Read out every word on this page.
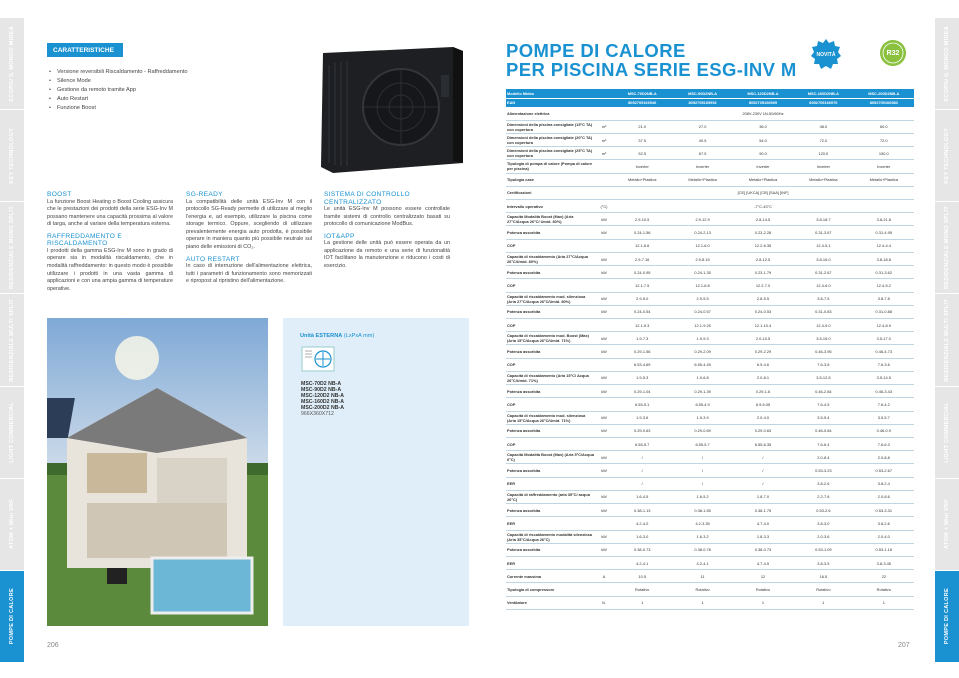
ECOPIU IL MONDO MIDEA
KEY TECHNOLOGY
RESIDENZIALE MONO SPLIT
RESIDENZIALE MULTI SPLIT
LIGHT COMMERCIAL
ATOM + Mini VRF
POMPE DI CALORE
ECOPIU IL MONDO MIDEA
KEY TECHNOLOGY
RESIDENZIALE MONO SPLIT
RESIDENZIALE MULTI SPLIT
LIGHT COMMERCIAL
ATOM + Mini VRF
POMPE DI CALORE
CARATTERISTICHE
• Versione reversibili Riscaldamento - Raffreddamento
• Silence Mode
• Gestione da remoto tramite App
• Auto Restart
• Funzione Boost
BOOST

La funzione Boost Heating o Boost Cooling assicura che le prestazioni dei prodotti della serie ESG-Inv M possano mantenere una capacità prossima al valore di targa, anche al variare della temperatura esterna.

RAFFREDDAMENTO E RISCALDAMENTO

I prodotti della gamma ESG-Inv M sono in grado di operare sia in modalità riscaldamento, che in modalità raffreddamento: in questo modo è possibile utilizzare i prodotti in una vasta gamma di applicazioni e con una ampia gamma di temperature operative.

SG-READY

La compatibilità delle unità ESG-Inv M con il protocollo SG-Ready permette di utilizzare al meglio l'energia e, ad esempio, utilizzare la piscina come storage termico. Oppure, scegliendo di utilizzare prevalentemente energia auto prodotta, è possibile operare in maniera quanto più possibile neutrale sul piano delle emissioni di CO₂.

AUTO RESTART

In caso di interruzione dell'alimentazione elettrica, tutti i parametri di funzionamento sono memorizzati e ripropost al ripristino dell'alimentazione.

SISTEMA DI CONTROLLO CENTRALIZZATO

Le unità ESG-Inv M possono essere controllate tramite sistemi di controllo centralizzato basati su protocollo di comunicazione ModBus.

IOT&APP

La gestione delle unità può essere operata da un applicazione da remoto e una serie di funzionalità IOT facilitano la manutenzione e riducono i costi di esercizio.

Unità ESTERNA (LxPxA mm)
MSC-70D2 NB-A
MSC-90D2 NB-A
MSC-120D2 NB-A
MSC-160D2 NB-A
MSC-200D2 NB-A
966X360X712
206
POMPE DI CALORE
PER PISCINA SERIE ESG-INV M
NOVITÀ	R32
Modello Midea		MSC-70D2NB-A	MSC-90D2NB-A	MSC-120D2NB-A	MSC-160D2NB-A	MSC-200D2NB-A
EAN		8052705166946	8052705169952	8052705166969	8052705166976	8052705166983
Alimentazione elettrica		208V-230V 1N-50/60Hz				
Dimensioni della piscina consigliate (15°C TA) con copertura	m³	21.0	27.0	36.0	48.0	60.0
Dimensioni della piscina consigliate (20°C TA) con copertura	m³	37.5	40.5	54.0	72.0	72.0
Dimensioni della piscina consigliate (25°C TA) con copertura	m³	52.5	67.5	90.0	120.0	150.0
Tipologia di pompa di calore (Pompa di calore per piscina)		Inverter	Inverter	Inverter	Inverter	Inverter
Tipologia case		Metallo+Plastica	Metallo+Plastica	Metallo+Plastica	Metallo+Plastica	Metallo+Plastica
Certificazioni		[CE] [UKCA] [CB] [SAA] [INF]				
Intervallo operativo	(°C)	-7°C-43°C				
Capacità Modalità Boost (Max) (Aria 27°C/Acqua 26°C/ Umid. 80%)	kW	2.9-10.5	2.9-12.9	2.8-14.5	3.8-18.7	3.8-21.8
Potenza assorbita	kW	0.24-1.56	0.24-2.13	0.23-2.28	0.31-3.67	0.31-4.95
COP		12.1-6.6	12.1-6.0	12.2-6.35	12.4-5.1	12.4-4.4
Capacità di riscaldamento (Aria 27°C/Acqua 26°C/Umid. 80%)	kW	2.9-7.16	2.9-8.15	2.8-12.5	3.8-16.0	3.8-18.8
Potenza assorbita	kW	0.24-0.95	0.24-1.35	0.23-1.79	0.31-2.67	0.31-3.62
COP		12.1-7.5	12.1-6.8	12.2-7.0	12.4-6.0	12.4-5.2
Capacità di riscaldamento mod. silenziosa (Aria 27°C/Acqua 26°C/Umid. 80%)	kW	2.9-5.0	2.9-5.5	2.8-5.5	3.8-7.5	3.8-7.8
Potenza assorbita	kW	0.24-0.54	0.24-0.57	0.24-0.53	0.31-0.83	0.31-0.88
COP		12.1-9.3	12.1-9.25	12.1-10.4	12.4-9.0	12.4-8.9
Capacità di riscaldamento mod. Boost (Max) (Aria 15°C/Acqua 26°C/Umid. 71%)	kW	1.9-7.3	1.9-9.3	2.0-10.5	3.5-15.0	3.5-17.0
Potenza assorbita	kW	0.29-1.56	0.29-2.09	0.29-2.29	0.46-3.95	0.46-4.73
COP		6.53-4.69	6.55-4.45	6.9-4.6	7.6-3.8	7.6-3.6
Capacità di riscaldamento (Aria 15°C/ Acqua 26°C/Umid. 71%)	kW	1.9-5.3	1.9-6.8	2.0-8.1	3.5-12.8	3.5-14.5
Potenza assorbita	kW	0.29-1.04	0.29-1.39	0.29-1.6	0.46-2.84	0.46-3.43
COP		6.55-5.1	6.55-4.9	6.9-5.05	7.6-4.5	7.6-4.2
Capacità di riscaldamento mod. silenziosa (Aria 15°C/Acqua 26°C/Umid. 71%)	kW	1.9-3.6	1.9-3.9	2.0-4.0	3.5-5.4	3.5-5.7
Potenza assorbita	kW	0.29-0.63	0.29-0.69	0.29-0.63	0.46-0.84	0.46-0.9
COP		6.55-5.7	6.55-5.7	6.55-6.35	7.6-6.4	7.6-6.3
Capacità Modalità Boost (Max) (Aria 5°C/Acqua 6°C)	kW	/	/	/	2.0-8.4	2.0-8.8
Potenza assorbita	kW	/	/	/	0.53-3.23	0.53-2.67
EER		/	/	/	3.8-2.6	3.8-2.4
Capacità di raffreddamento (aria 35°C/ acqua 26°C)	kW	1.6-4.5	1.6-5.2	1.8-7.0	2.2-7.8	2.0-8.6
Potenza assorbita	kW	0.38-1.13	0.38-1.55	0.38-1.75	0.53-2.6	0.53-3.31
EER		4.2-4.0	4.2-3.35	4.7-4.0	3.8-3.0	3.8-2.6
Capacità di riscaldamento modalità silenziosa (Aria 35°C/Acqua 26°C)	kW	1.6-3.0	1.6-3.2	1.8-3.3	2.0-3.6	2.0-4.0
Potenza assorbita	kW	0.38-0.73	0.38-0.78	0.38-0.73	0.53-1.09	0.53-1.16
EER		4.2-4.1	4.2-4.1	4.7-4.5	3.8-3.5	3.8-3.45
Corrente massima	A	10.5	11	12	16.5	22
Tipologia di compressore		Rotativo	Rotativo	Rotativo	Rotativo	Rotativo
Ventilatore	N.	1	1	1	1	1
207
